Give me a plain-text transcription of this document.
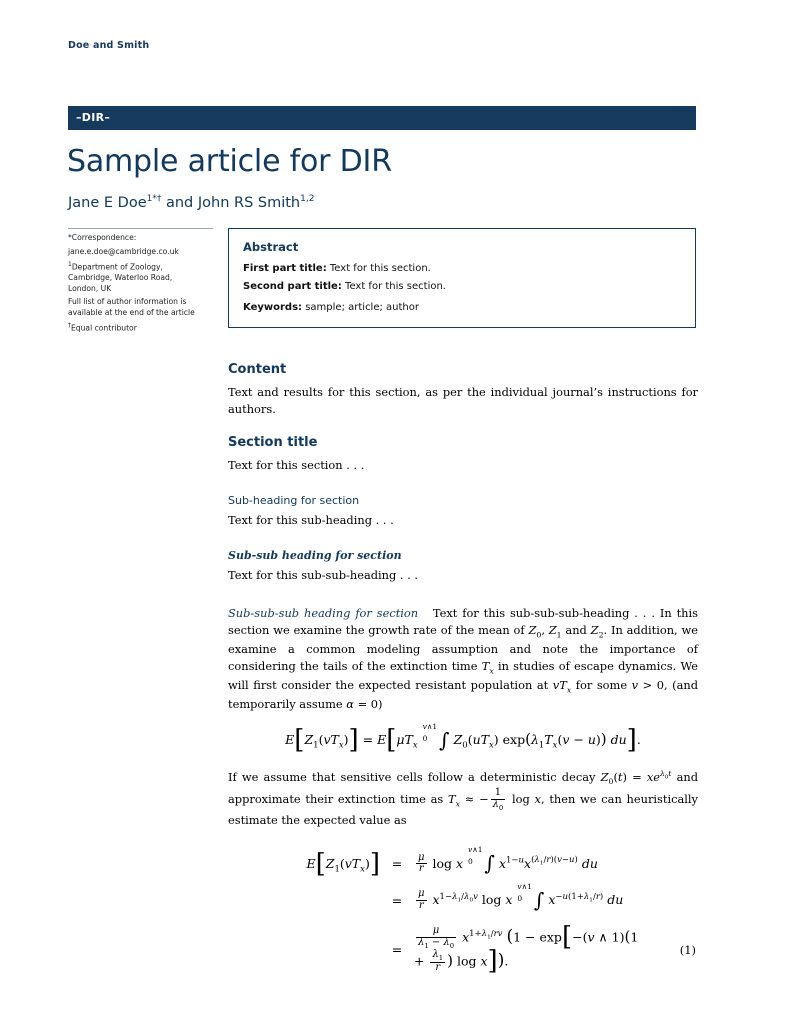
Doe and Smith
–DIR–
Sample article for DIR
Jane E Doe$^{1*\dagger}$ and John RS Smith$^{1,2}$
*Correspondence:
jane.e.doe@cambridge.co.uk
$^1$Department of Zoology,
Cambridge, Waterloo Road,
London, UK
Full list of author information is available at the end of the article
†Equal contributor
Abstract
First part title: Text for this section.
Second part title: Text for this section.
Keywords: sample; article; author
Content

Text and results for this section, as per the individual journal’s instructions for authors.

Section title

Text for this section . . .

Sub-heading for section

Text for this sub-heading . . .

Sub-sub heading for section

Text for this sub-sub-heading . . .

Sub-sub-sub heading for section   Text for this sub-sub-sub-heading . . . In this section we examine the growth rate of the mean of $Z_0$, $Z_1$ and $Z_2$. In addition, we examine a common modeling assumption and note the importance of considering the tails of the extinction time $T_x$ in studies of escape dynamics. We will first consider the expected resistant population at $vT_x$ for some v > 0, (and temporarily assume α = 0)

$E[Z_1(vT_x)] = E[\mu T_x$
v∧1
0 ∫ $Z_0(uT_x) \exp(\lambda_1T_x(v - u))$ du].

If we assume that sensitive cells follow a deterministic decay $Z_0(t) = xe^{\lambda_0t}$ and approximate their extinction time as $T_x$ ≈ − $\frac{1}{\lambda_0}$ log x, then we can heuristically estimate the expected value as

$E[Z_1(vT_x)]$	=	$\frac{\mu}{r}$ log x
v∧1
0 ∫ $x^{1-u}x^{(\lambda_1/r)(v-u)}$ du	
	=	$\frac{\mu}{r} x^{1-\lambda_1/\lambda_0v}$ log x
v∧1
0 ∫ $x^{-u(1+\lambda_1/r)}$ du	
	=	$\frac{\mu}{\lambda_1 - \lambda_0} x^{1+\lambda_1/rv}$ (1 − exp[−(v ∧ $1)(1 + \frac{\lambda_1}{r}$ ) log x]).	(1)
